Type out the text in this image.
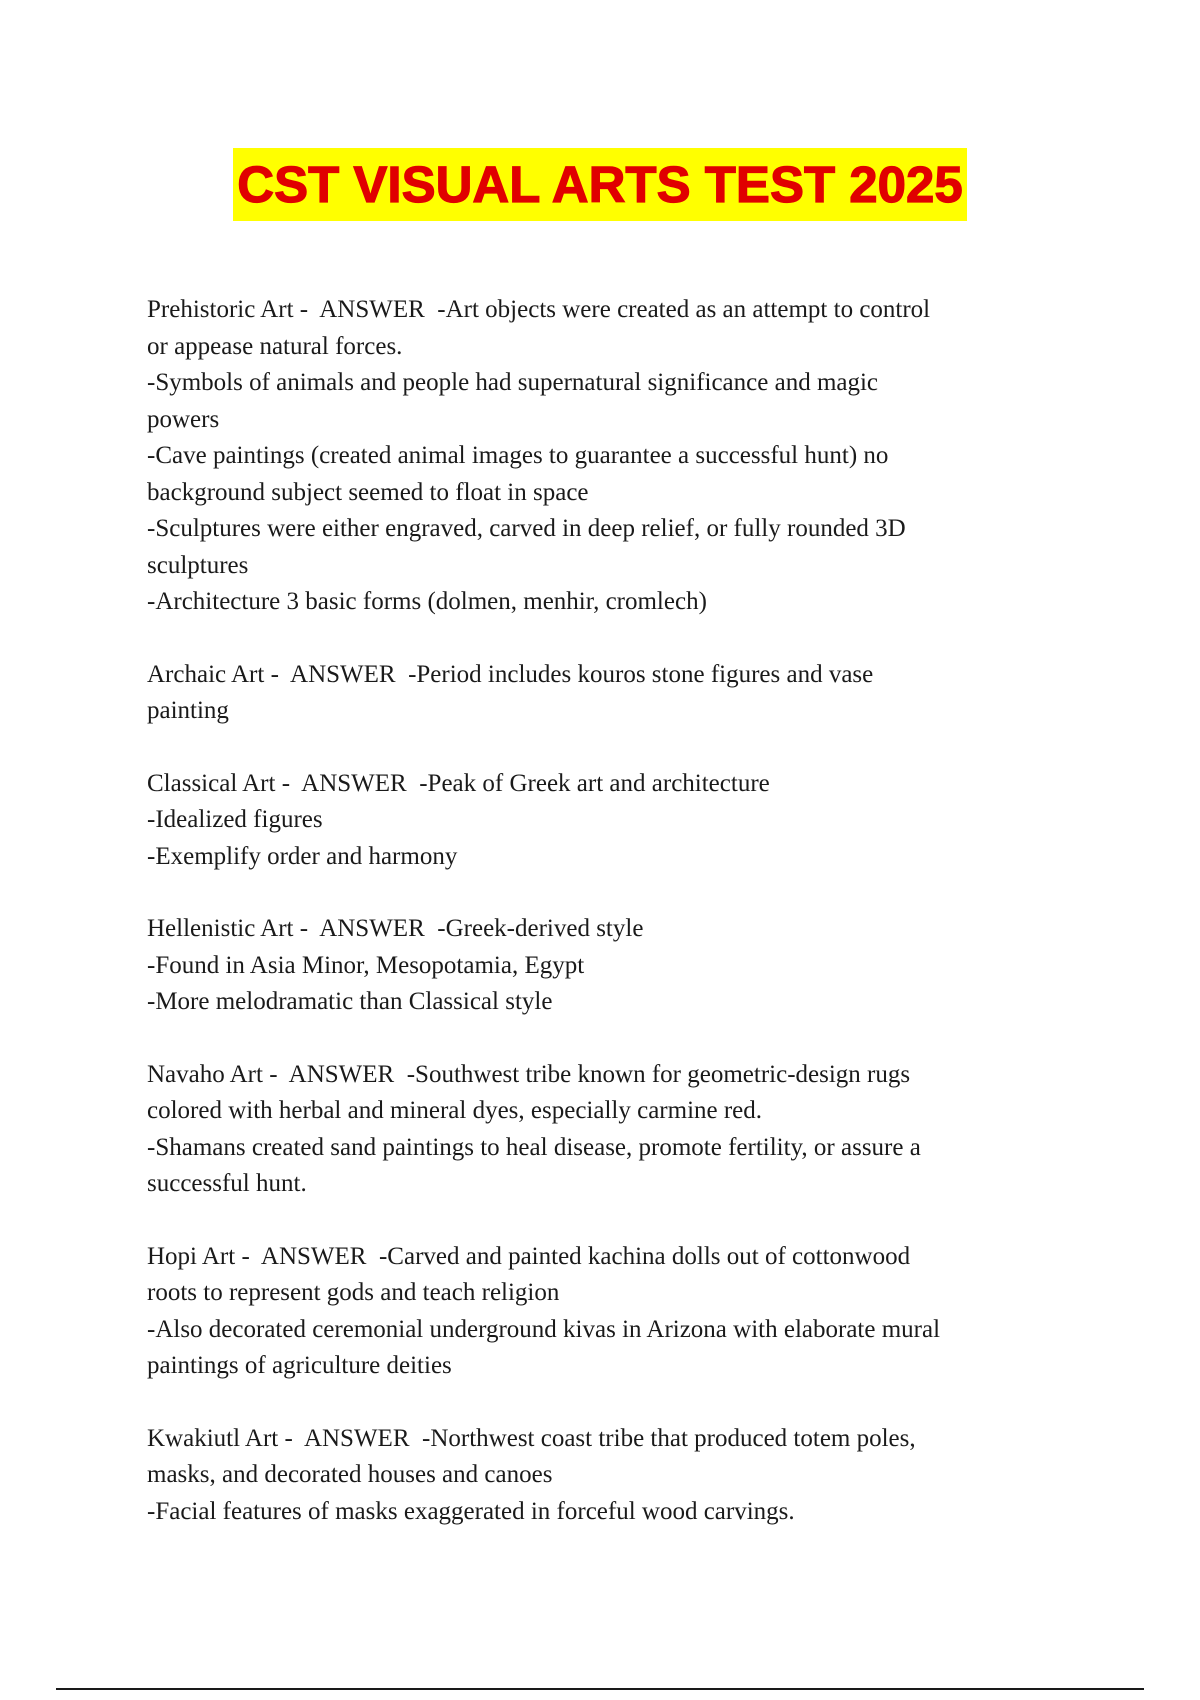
CST VISUAL ARTS TEST 2025
Prehistoric Art -  ANSWER -Art objects were created as an attempt to control
or appease natural forces.
-Symbols of animals and people had supernatural significance and magic
powers
-Cave paintings (created animal images to guarantee a successful hunt) no
background subject seemed to float in space
-Sculptures were either engraved, carved in deep relief, or fully rounded 3D
sculptures
-Architecture 3 basic forms (dolmen, menhir, cromlech)
Archaic Art -  ANSWER -Period includes kouros stone figures and vase
painting
Classical Art -  ANSWER -Peak of Greek art and architecture
-Idealized figures
-Exemplify order and harmony
Hellenistic Art -  ANSWER -Greek-derived style
-Found in Asia Minor, Mesopotamia, Egypt
-More melodramatic than Classical style
Navaho Art -  ANSWER -Southwest tribe known for geometric-design rugs
colored with herbal and mineral dyes, especially carmine red.
-Shamans created sand paintings to heal disease, promote fertility, or assure a
successful hunt.
Hopi Art -  ANSWER -Carved and painted kachina dolls out of cottonwood
roots to represent gods and teach religion
-Also decorated ceremonial underground kivas in Arizona with elaborate mural
paintings of agriculture deities
Kwakiutl Art -  ANSWER -Northwest coast tribe that produced totem poles,
masks, and decorated houses and canoes
-Facial features of masks exaggerated in forceful wood carvings.
